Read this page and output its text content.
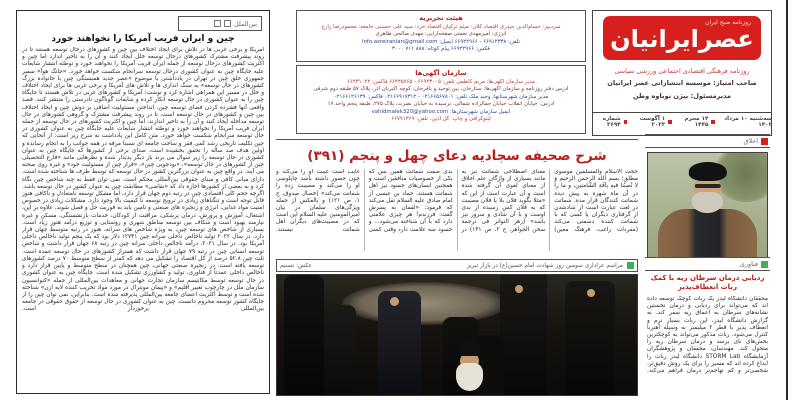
روزنامه صبح ایران
عصرایرانیان
روزنامه فرهنگی اقتصادی اجتماعی ورزشی سیاسی
صاحب امتیاز: موسسه انتشاراتی عصر ایرانیان
مدیرمسئول: بیژن نوباوه وطن
سه‌شنبه ۱۰ مرداد ۱۴۰۲
۱۴ محرم ۱۴۴۵
۱ آگوست ۲۰۲۳
شماره ۳۶۹۴
هیئت تحریریه
سردبیر: حسام‌الدین حیدری اقتصاد کلان: میثم ترکیان اقتصاد خرد: سید علی حسینی جامعه: محمودرضا زارع
انرژی: امیرمهدی نعمتی صفحه‌آرایی: مهدی صالحی طاهری
تلفن: ۶۶۹۱۲۳۳۸ - ۶۶۹۲۲۹۶۶ ایمیل: info.asreiranian@gmail.com
فکس: ۶۶۹۲۲۹۶۶ پیام کوتاه: ۸۸۸ ۷۱۱ ۳۰۰۰
سازمان آگهی‌ها
مدیر سازمان آگهی‌ها: مریم کاظمی تلفن: ۶۶۹۲۳۰۰۵ - ۶۶۴۳۵۷۶۵ فاکس: ۶۶۴۳۱۰۲۲
آدرس دفتر روزنامه و سازمان آگهی‌ها: ستارخان، بین توحید و باقرخان، کوچه اکبریان آذر، پلاک ۵۷ طبقه دوم شرقی
مدیر سازمان شهرستانها: وحید ملک تلفن: ۰۲۱۶۶۵۶۷۸۰۱ - ۰۲۱۶۶۹۱۷۳۱۲ فاکس: ۰۲۱۶۶۱۲۶۱۳۹
آدرس: خیابان انقلاب خیابان جمالزاده شمالی، نرسیده به خیابان نصرت، پلاک ۲۷۵، طبقه پنجم واحد ۱۷
ایمیل سازمان شهرستان‌ها: vahidmalek320@yahoo.com
لیتوگرافی و چاپ: گل آذین، تلفن: ۶۶۷۹۱۳۶۹
بین‌الملل
چین و ایران فریب آمریکا را نخواهند خورد
آمریکا و برخی غربی ها در تلاش برای ایجاد اختلاف بین چین و کشورهای درحال توسعه هستند تا در روند پیشرفت مشترک کشورهای درحال توسعه خلل ایجاد کنند و آن را به تاخیر اندازد اما چین و اکثریت کشورهای درحال توسعه از جمله ایران فریب آمریکا را نخواهند خورد و توطئه انتشار شایعات علیه جایگاه چین به عنوان کشوری درحال توسعه سرانجام شکست خواهد خورد. «جانگ هوآ» سفیر جمهوری خلق چین در تهران در یادداشتی با موضوع «عصر جدید همبستگی چین با خانواده بزرگ کشورهای در حال توسعه» به سنگ اندازی ها و تلاش های آمریکا و برخی غربی ها برای ایجاد اختلاف و خلل در مسیر این همراهی اشاره کرد و نوشت: آمریکا و کشورهای غربی در تلاش هستند تا جایگاه چین را به عنوان کشوری در حال توسعه انکار کرده و شایعات گوناگون نادرستی را منتشر کنند. قصد واقعی آنها فشرده کردن فضای توسعه چین، انداختن مسئولیت اضافی بر دوش چین و ایجاد اختلاف بین چین و کشورهای در حال توسعه است، تا در روند پیشرفت مشترک و گروهی کشورهای در حال توسعه مداخله ایجاد کنند و آن را به تاخیر اندازند. اما چین و اکثریت کشورهای در حال توسعه از جمله ایران فریب آمریکا را نخواهند خورد و توطئه انتشار شایعات علیه جایگاه چین به عنوان کشوری در حال توسعه سرانجام شکست خواهد خورد. متن کامل این یادداشت به شرح زیر است: از آنجایی که چین تکلیف تاریخی رشد کمی فقر و ساخت جامعه ای نسبتا مرفه در همه جوانب را به انجام رسانده و اولین هدف صد ساله را تحقق بخشیده است، صدای برخی از کشورها که جایگاه چین به عنوان کشوری در حال توسعه را زیر سوال می برند باز دیگر پدیدار شده و نظرهایی مانند «فارغ التحصیلی چین از کشورهای در حال توسعه»، «بودجویی چین»، «فرار چین از مسئولیت خود» و غیره روی صحنه می آیند. در واقع چین به عنوان بزرگترین کشور در حال توسعه که توسط طرف ها شناخته شده است، دارای مبانی کافی و مبنای حقوقی بین‌المللی محکم است. نمی توان فقط به چند شاخص چین نگاه کرد و به بعضی از کشورها اجازه داد که «تقاضی» مطابقت چین به عنوان کشور در حال توسعه باشد. اگرچه حجم کلی اقتصادی چین در رتبه دوم جهان قرار دارد، اما مشکل توسعه نامتعادل و ناکافی هنوز قابل توجه است و تنگناهای زیادی در ترویج توسعه با کیفیت بالا وجود دارد. مشکلات زیادی در خصوص امنیت مواد غذایی، انرژی و زنجیره های صنعتی و تامین باید به فوریت حل و فصل شوند. علاوه بر این، اشتغال، آموزش و پرورش، درمان پزشکی، مراقبت از کودکان، خدمات بازنشستگی، مسکن و غیره نیازمند بهبود است و شکاف بین توسعه مناطق شهری و روستایی و توزیع درآمد هنوز زیاد است. بسیاری از شاخص های توسعه چین، به ویژه شاخص های سرانه، هنوز در رتبه متوسط جهان قرار دارد. در سال ۲۰۲۲ تولید ناخالص داخلی سرانه چین ۱۲۷۴۱ دلار بود که یک پنجم تولید ناخالص داخلی آمریکا بود. در سال ۲۰۲۱، درآمد ناخالص داخلی سرانه چین در رتبه ۶۸ جهان قرار داشت و شاخص توسعه انسانی چین در رتبه ۷۹ جهان قرار داشت که همتراز کشورهای در حال توسعه عمده است. ثلث چین ۵۲.۸ درصد از کل اقتصاد را تشکیل می دهد که کمتر از سطح متوسط ۷۰ درصد کشورهای توسعه یافته است. در زنجیره صنعتی جهانی، چین همچنان در سطح متوسط و پایین قرار دارد و ناخالص داخلی عمدتاً از فناوری، تولید و کشاورزی تشکیل شده است. جایگاه چین به عنوان کشوری در حال توسعه توسط مکانیسم سازمان تجارت جهانی و معاهدات بین‌المللی از جمله «کنوانسیون سازمان ملل در چارچوب تغییر اقلیم» و «پیمان مونترال در مورد مواد تخریب کننده لایه ازن» شناخته شده است و توسط اکثریت اعضای جامعه بین‌المللی پذیرفته شده است. بنابراین، نمی توان چین را از جایگاه کشور توسعه محروم دانست. چین به عنوان کشوری در حال توسعه از حقوق حقوقی در جامعه بین‌المللی برخوردار است.
شرح صحیفه سجادیه دعای چهل و پنجم (۳۹۱)
حجت الاسلام والمسلمین موسوی مطلق؛ بسم الله الرحمن الرحیم وَ لا تُصِبْنا فیهِ بِآفَةِ الشّامتین، و ما را در آن ماه شهره به پیش دیده شماتت کنندگان قرار مده. شماتت در لغت عبارت است از شادشدن از گرفتاری دیگران یا کسی که با شماتت کننده دشمنی می‌کند (مفردات راغب، فرهنگ معین) معنای اصطلاحی شماتت نیز به مانند بسیاری از واژگان علم اخلاق از معنای لغوی آن گرفته شده است و آن عبارت است از این که «مثلا بگوید فلان بلا یا فلان مصیبت که به فلان کس رسیده از بدی اوست و با آن شادی و سرور نیز باشد» (زهر التواتر فی ترجمة سخن الجواهر، ج ۲، ص ۱۳۱) در بدی صفت شماتت همین بس که یکی از خصوصیات منافقین است و همچنین انسان‌های حسود نیز اهل شماتت هستند. حماد بن عیسی از امام صادق علیه السلام نقل می‌کند که فرمود: «لقمان به پسرش گفت: فرزندم! هر چیزی علامتی دارد که با آن شناخته می‌شود... و حسود سه علامت دارد وقتی کسی غایب است غیبت او را می‌کند و چون حضور داشته باشد چاپلوسی او را می‌کند و مصیبت زده را شماتت می‌کند» (خصال صدوق، ج ۱، ص ۱۲۱) و بالعکس از جمله ویژگی‌های سلمان در بیان امیرالمومنین علیه السلام این است که در مصیبت‌های دیگران اهل شماتت نیستند.
مراسم عزاداری سومین روز شهادت امام حسین(ع) در بازار تبریز
عکس: تسنیم
اخلاق
فناوری
ردیابی درمان سرطان ریه با کمک ربات انعطاف‌پذیر
محققان دانشگاه لیدز یک ربات کوچک توسعه داده اند که می‌تواند برای ردیابی و درمان نخستین نشانه‌های سرطان به اعماق ریه سفر کند. به گزارش دانشگاه لیدز، این ربات بسیار نرم و انعطاف پذیر با قطر ۲ میلیمتر به وسیله آهنربا کنترل می‌شود. ربات مذکور می‌تواند به کوچکترین بخش‌های نای برسد و درمان سرطان ریه را متحول کند. مهندسان، محققان و پژوهشگران آزمایشگاه STORM Lab دانشگاه لیدز ربات را ابداع کرده اند که مسیر را برای یک روش دقیق‌تر، شخصی‌تر و کم تهاجم‌تر درمان فراهم می‌کند.
